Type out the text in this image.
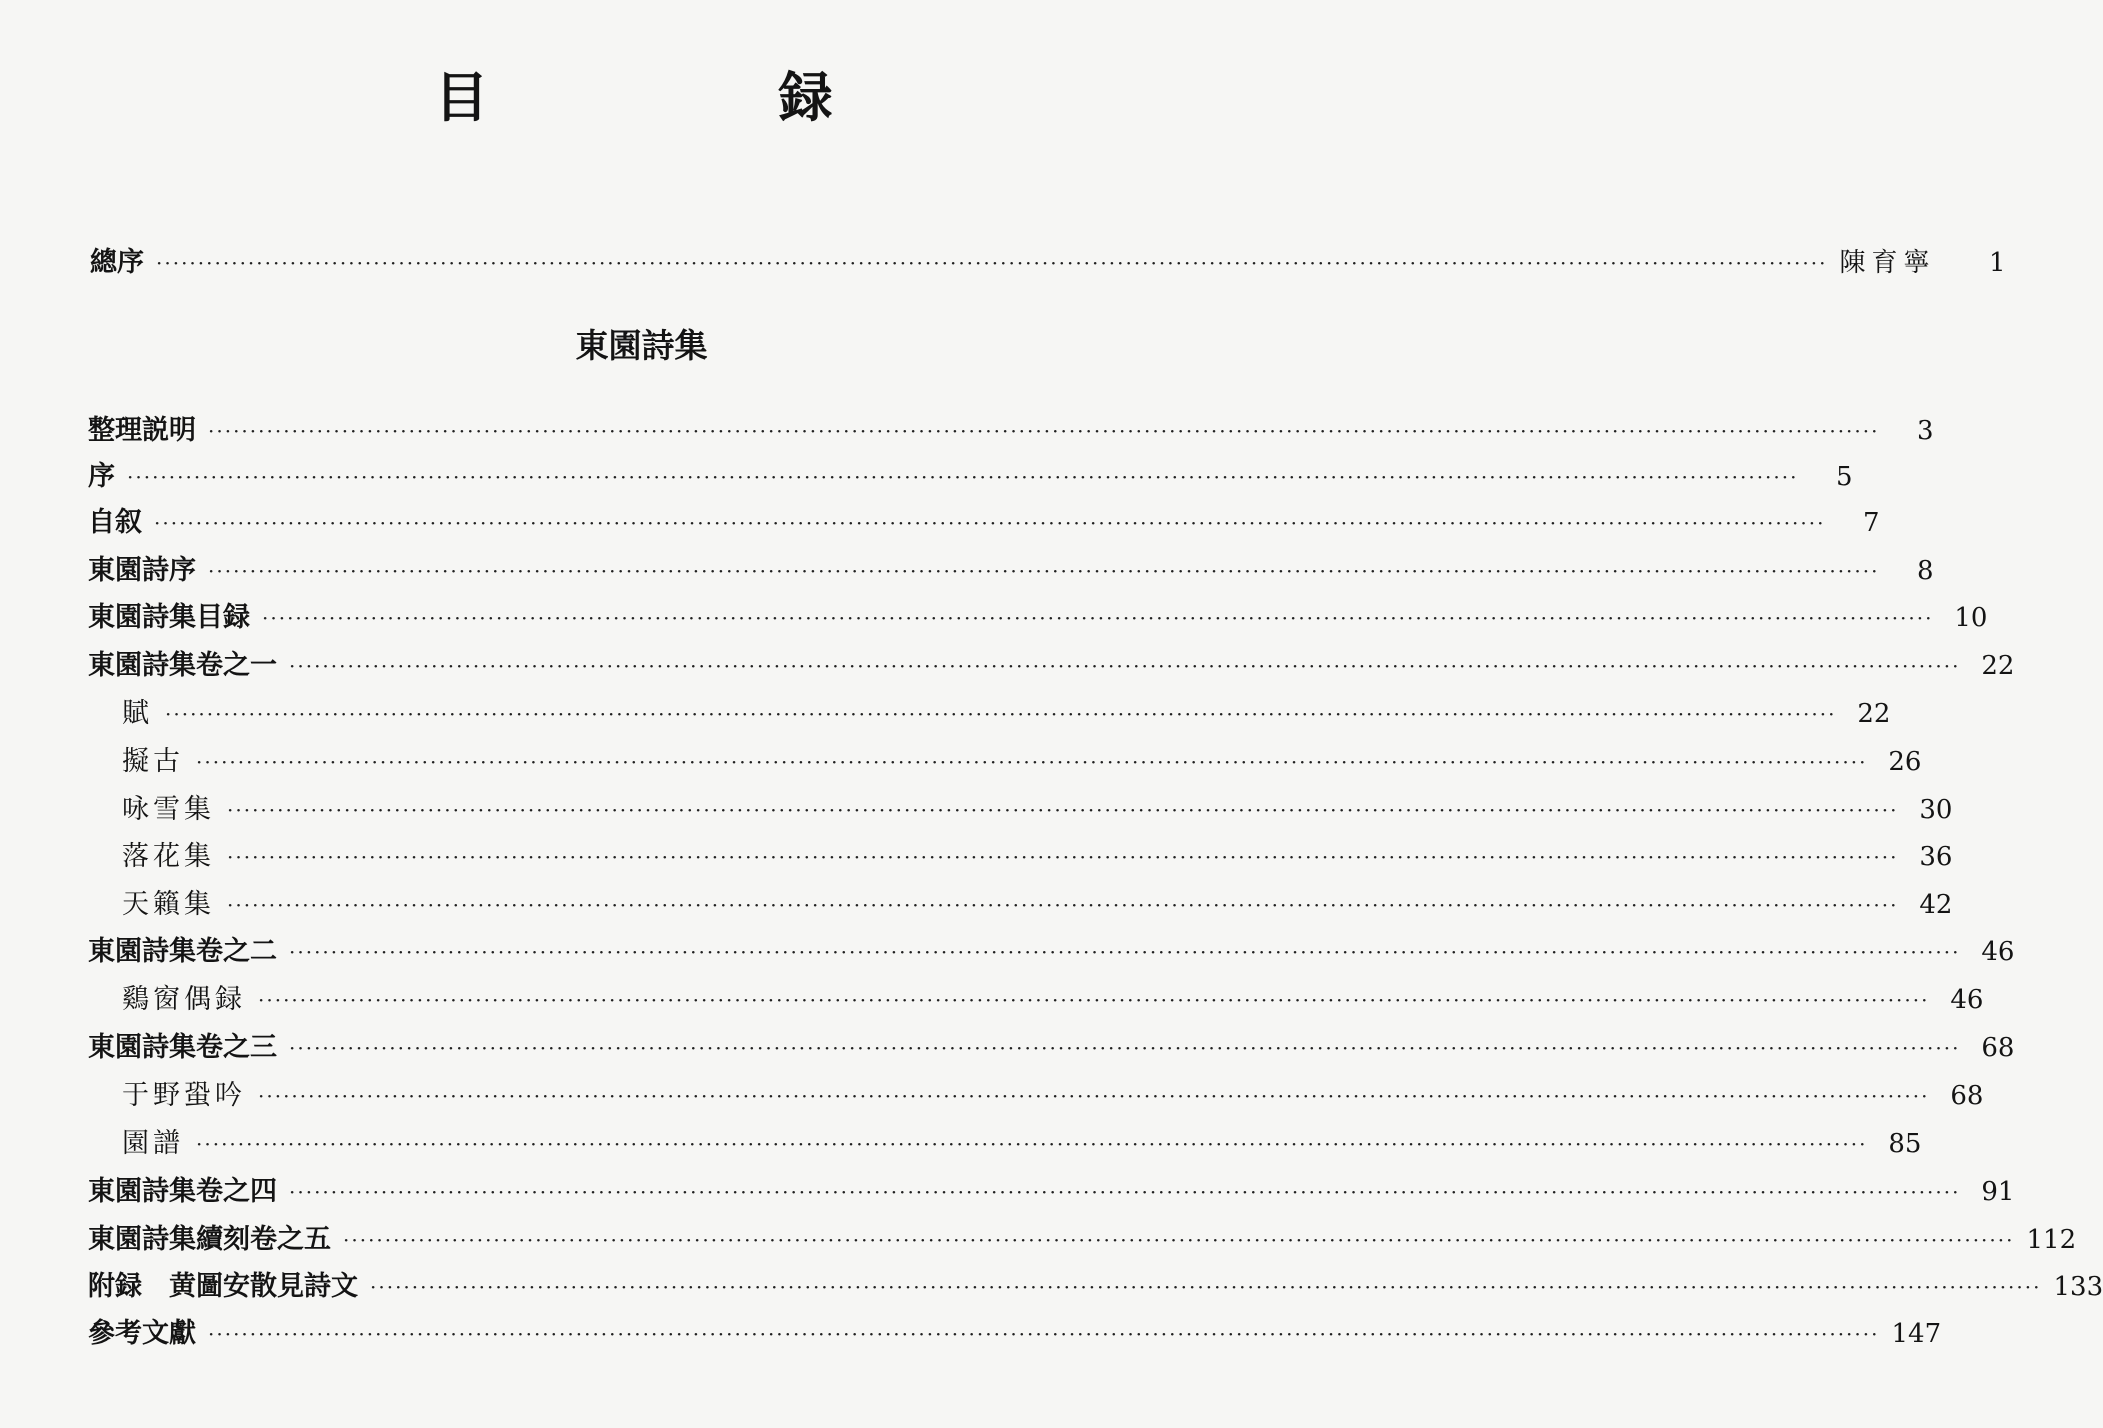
目　録
總序 ········································································································································································································ 陳育寧	1
東園詩集
整理説明 ········································································································································································································	3
序 ········································································································································································································	5
自叙 ········································································································································································································	7
東園詩序 ········································································································································································································	8
東園詩集目録 ········································································································································································································ 10
東園詩集卷之一 ········································································································································································································ 22
賦 ········································································································································································································ 22
擬古 ········································································································································································································ 26
咏雪集 ········································································································································································································ 30
落花集 ········································································································································································································ 36
天籟集 ········································································································································································································ 42
東園詩集卷之二 ········································································································································································································ 46
鷄窗偶録 ········································································································································································································ 46
東園詩集卷之三 ········································································································································································································ 68
于野蛩吟 ········································································································································································································ 68
園譜 ········································································································································································································ 85
東園詩集卷之四 ········································································································································································································ 91
東園詩集續刻卷之五 ········································································································································································································ 112
附録　黄圖安散見詩文 ········································································································································································································ 133
參考文獻 ········································································································································································································ 147
